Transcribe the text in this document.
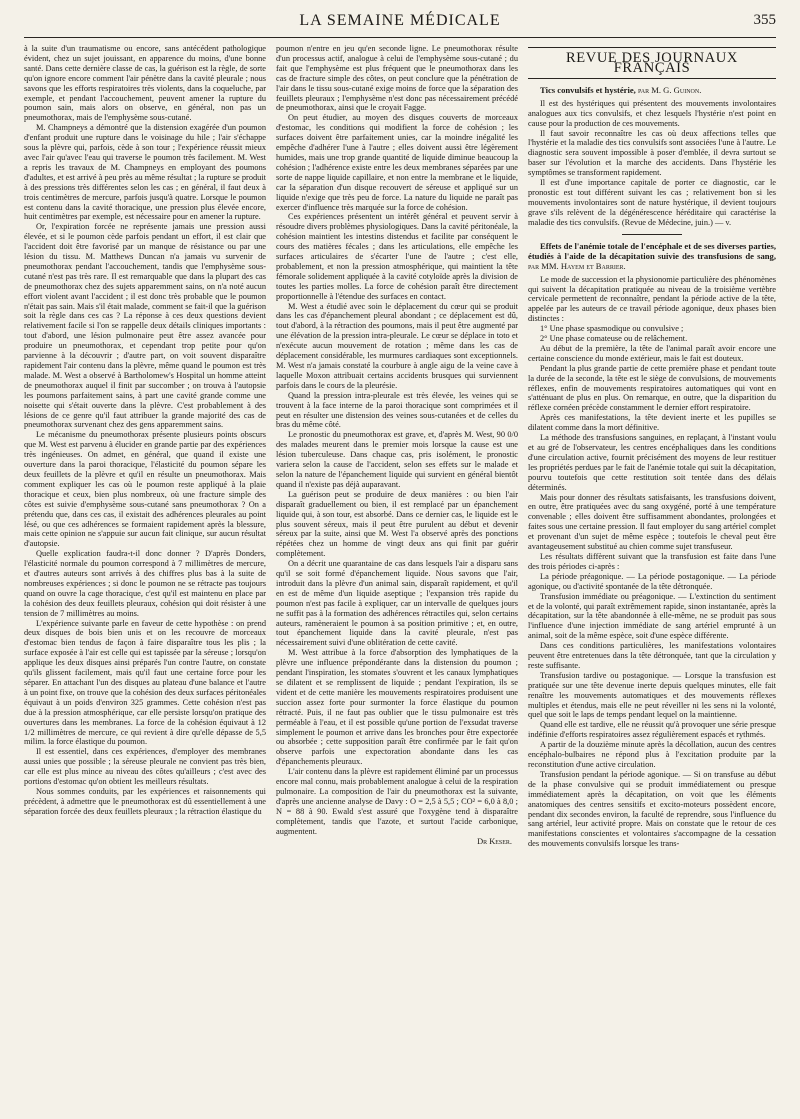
LA SEMAINE MÉDICALE	355

à la suite d'un traumatisme ou encore, sans antécédent pathologique évident, chez un sujet jouissant, en apparence du moins, d'une bonne santé. Dans cette dernière classe de cas, la guérison est la règle, de sorte qu'on ignore encore comment l'air pénètre dans la cavité pleurale ; nous savons que les efforts respiratoires très violents, dans la coqueluche, par exemple, et pendant l'accouchement, peuvent amener la rupture du poumon sain, mais alors on observe, en général, non pas un pneumothorax, mais de l'emphysème sous-cutané.

M. Champneys a démontré que la distension exagérée d'un poumon d'enfant produit une rupture dans le voisinage du hile ; l'air s'échappe sous la plèvre qui, parfois, cède à son tour ; l'expérience réussit mieux avec l'air qu'avec l'eau qui traverse le poumon très facilement. M. West a repris les travaux de M. Champneys en employant des poumons d'adultes, et est arrivé à peu près au même résultat ; la rupture se produit à des pressions très différentes selon les cas ; en général, il faut deux à trois centimètres de mercure, parfois jusqu'à quatre. Lorsque le poumon est contenu dans la cavité thoracique, une pression plus élevée encore, huit centimètres par exemple, est nécessaire pour en amener la rupture.

Or, l'expiration forcée ne représente jamais une pression aussi élevée, et si le poumon cède parfois pendant un effort, il est clair que l'accident doit être favorisé par un manque de résistance ou par une lésion du tissu. M. Matthews Duncan n'a jamais vu survenir de pneumothorax pendant l'accouchement, tandis que l'emphysème sous-cutané n'est pas très rare. Il est remarquable que dans la plupart des cas de pneumothorax chez des sujets apparemment sains, on n'a noté aucun effort violent avant l'accident ; il est donc très probable que le poumon n'était pas sain. Mais s'il était malade, comment se fait-il que la guérison soit la règle dans ces cas ? La réponse à ces deux questions devient relativement facile si l'on se rappelle deux détails cliniques importants : tout d'abord, une lésion pulmonaire peut être assez avancée pour produire un pneumothorax, et cependant trop petite pour qu'on parvienne à la découvrir ; d'autre part, on voit souvent disparaître rapidement l'air contenu dans la plèvre, même quand le poumon est très malade. M. West a observé à Bartholomew's Hospital un homme atteint de pneumothorax auquel il finit par succomber ; on trouva à l'autopsie les poumons parfaitement sains, à part une cavité grande comme une noisette qui s'était ouverte dans la plèvre. C'est probablement à des lésions de ce genre qu'il faut attribuer la grande majorité des cas de pneumothorax survenant chez des gens apparemment sains.

Le mécanisme du pneumothorax présente plusieurs points obscurs que M. West est parvenu à élucider en grande partie par des expériences très ingénieuses. On admet, en général, que quand il existe une ouverture dans la paroi thoracique, l'élasticité du poumon sépare les deux feuillets de la plèvre et qu'il en résulte un pneumothorax. Mais comment expliquer les cas où le poumon reste appliqué à la plaie thoracique et ceux, bien plus nombreux, où une fracture simple des côtes est suivie d'emphysème sous-cutané sans pneumothorax ? On a prétendu que, dans ces cas, il existait des adhérences pleurales au point lésé, ou que ces adhérences se formaient rapidement après la blessure, mais cette opinion ne s'appuie sur aucun fait clinique, sur aucun résultat d'autopsie.

Quelle explication faudra-t-il donc donner ? D'après Donders, l'élasticité normale du poumon correspond à 7 millimètres de mercure, et d'autres auteurs sont arrivés à des chiffres plus bas à la suite de nombreuses expériences ; si donc le poumon ne se rétracte pas toujours quand on ouvre la cage thoracique, c'est qu'il est maintenu en place par la cohésion des deux feuillets pleuraux, cohésion qui doit résister à une tension de 7 millimètres au moins.

L'expérience suivante parle en faveur de cette hypothèse : on prend deux disques de bois bien unis et on les recouvre de morceaux d'estomac bien tendus de façon à faire disparaître tous les plis ; la surface exposée à l'air est celle qui est tapissée par la séreuse ; lorsqu'on applique les deux disques ainsi préparés l'un contre l'autre, on constate qu'ils glissent facilement, mais qu'il faut une certaine force pour les séparer. En attachant l'un des disques au plateau d'une balance et l'autre à un point fixe, on trouve que la cohésion des deux surfaces péritonéales équivaut à un poids d'environ 325 grammes. Cette cohésion n'est pas due à la pression atmosphérique, car elle persiste lorsqu'on pratique des ouvertures dans les membranes. La force de la cohésion équivaut à 12 1/2 millimètres de mercure, ce qui revient à dire qu'elle dépasse de 5,5 milim. la force élastique du poumon.

Il est essentiel, dans ces expériences, d'employer des membranes aussi unies que possible ; la séreuse pleurale ne convient pas très bien, car elle est plus mince au niveau des côtes qu'ailleurs ; c'est avec des portions d'estomac qu'on obtient les meilleurs résultats.

Nous sommes conduits, par les expériences et raisonnements qui précèdent, à admettre que le pneumothorax est dû essentiellement à une séparation forcée des deux feuillets pleuraux ; la rétraction élastique du

poumon n'entre en jeu qu'en seconde ligne. Le pneumothorax résulte d'un processus actif, analogue à celui de l'emphysème sous-cutané ; du fait que l'emphysème est plus fréquent que le pneumothorax dans les cas de fracture simple des côtes, on peut conclure que la pénétration de l'air dans le tissu sous-cutané exige moins de force que la séparation des feuillets pleuraux ; l'emphysème n'est donc pas nécessairement précédé de pneumothorax, ainsi que le croyait Fagge.

On peut étudier, au moyen des disques couverts de morceaux d'estomac, les conditions qui modifient la force de cohésion ; les surfaces doivent être parfaitement unies, car la moindre inégalité les empêche d'adhérer l'une à l'autre ; elles doivent aussi être légèrement humides, mais une trop grande quantité de liquide diminue beaucoup la cohésion ; l'adhérence existe entre les deux membranes séparées par une sorte de nappe liquide capillaire, et non entre la membrane et le liquide, car la séparation d'un disque recouvert de séreuse et appliqué sur un liquide n'exige que très peu de force. La nature du liquide ne paraît pas exercer d'influence très marquée sur la force de cohésion.

Ces expériences présentent un intérêt général et peuvent servir à résoudre divers problèmes physiologiques. Dans la cavité péritonéale, la cohésion maintient les intestins distendus et facilite par conséquent le cours des matières fécales ; dans les articulations, elle empêche les surfaces articulaires de s'écarter l'une de l'autre ; c'est elle, probablement, et non la pression atmosphérique, qui maintient la tête fémorale solidement appliquée à la cavité cotyloïde après la division de toutes les parties molles. La force de cohésion paraît être directement proportionnelle à l'étendue des surfaces en contact.

M. West a étudié avec soin le déplacement du cœur qui se produit dans les cas d'épanchement pleural abondant ; ce déplacement est dû, tout d'abord, à la rétraction des poumons, mais il peut être augmenté par une élévation de la pression intra-pleurale. Le cœur se déplace in toto et n'exécute aucun mouvement de rotation ; même dans les cas de déplacement considérable, les murmures cardiaques sont exceptionnels. M. West n'a jamais constaté la courbure à angle aigu de la veine cave à laquelle Moxon attribuait certains accidents brusques qui surviennent parfois dans le cours de la pleurésie.

Quand la pression intra-pleurale est très élevée, les veines qui se trouvent à la face interne de la paroi thoracique sont comprimées et il peut en résulter une distension des veines sous-cutanées et de celles du bras du même côté.

Le pronostic du pneumothorax est grave, et, d'après M. West, 90 0/0 des malades meurent dans le premier mois lorsque la cause est une lésion tuberculeuse. Dans chaque cas, pris isolément, le pronostic variera selon la cause de l'accident, selon ses effets sur le malade et selon la nature de l'épanchement liquide qui survient en général bientôt quand il n'existe pas déjà auparavant.

La guérison peut se produire de deux manières : ou bien l'air disparaît graduellement ou bien, il est remplacé par un épanchement liquide qui, à son tour, est absorbé. Dans ce dernier cas, le liquide est le plus souvent séreux, mais il peut être purulent au début et devenir séreux par la suite, ainsi que M. West l'a observé après des ponctions répétées chez un homme de vingt deux ans qui finit par guérir complètement.

On a décrit une quarantaine de cas dans lesquels l'air a disparu sans qu'il se soit formé d'épanchement liquide. Nous savons que l'air, introduit dans la plèvre d'un animal sain, disparaît rapidement, et qu'il en est de même d'un liquide aseptique ; l'expansion très rapide du poumon n'est pas facile à expliquer, car un intervalle de quelques jours ne suffit pas à la formation des adhérences rétractiles qui, selon certains auteurs, ramèneraient le poumon à sa position primitive ; et, en outre, tout épanchement liquide dans la cavité pleurale, n'est pas nécessairement suivi d'une oblitération de cette cavité.

M. West attribue à la force d'absorption des lymphatiques de la plèvre une influence prépondérante dans la distension du poumon ; pendant l'inspiration, les stomates s'ouvrent et les canaux lymphatiques se dilatent et se remplissent de liquide ; pendant l'expiration, ils se vident et de cette manière les mouvements respiratoires produisent une succion assez forte pour surmonter la force élastique du poumon rétracté. Puis, il ne faut pas oublier que le tissu pulmonaire est très perméable à l'eau, et il est possible qu'une portion de l'exsudat traverse simplement le poumon et arrive dans les bronches pour être expectorée ou absorbée ; cette supposition paraît être confirmée par le fait qu'on observe parfois une expectoration abondante dans les cas d'épanchements pleuraux.

L'air contenu dans la plèvre est rapidement éliminé par un processus encore mal connu, mais probablement analogue à celui de la respiration pulmonaire. La composition de l'air du pneumothorax est la suivante, d'après une ancienne analyse de Davy : O = 2,5 à 5,5 ; CO² = 6,0 à 8,0 ; N = 88 à 90. Ewald s'est assuré que l'oxygène tend à disparaître complètement, tandis que l'azote, et surtout l'acide carbonique, augmentent.

Dr Keser.
REVUE DES JOURNAUX FRANÇAIS
Tics convulsifs et hystérie, par M. G. Guinon.

Il est des hystériques qui présentent des mouvements involontaires analogues aux tics convulsifs, et chez lesquels l'hystérie n'est point en cause pour la production de ces mouvements.

Il faut savoir reconnaître les cas où deux affections telles que l'hystérie et la maladie des tics convulsifs sont associées l'une à l'autre. Le diagnostic sera souvent impossible à poser d'emblée, il devra surtout se baser sur l'évolution et la marche des accidents. Dans l'hystérie les symptômes se transforment rapidement.

Il est d'une importance capitale de porter ce diagnostic, car le pronostic est tout différent suivant les cas ; relativement bon si les mouvements involontaires sont de nature hystérique, il devient toujours grave s'ils relèvent de la dégénérescence héréditaire qui caractérise la maladie des tics convulsifs. (Revue de Médecine, juin.) — v.

Effets de l'anémie totale de l'encéphale et de ses diverses parties, étudiés à l'aide de la décapitation suivie des transfusions de sang, par MM. Hayem et Barrier.

Le mode de succession et la physionomie particulière des phénomènes qui suivent la décapitation pratiquée au niveau de la troisième vertèbre cervicale permettent de reconnaître, pendant la période active de la tête, appelée par les auteurs de ce travail période agonique, deux phases bien distinctes :

1° Une phase spasmodique ou convulsive ;

2° Une phase comateuse ou de relâchement.

Au début de la première, la tête de l'animal paraît avoir encore une certaine conscience du monde extérieur, mais le fait est douteux.

Pendant la plus grande partie de cette première phase et pendant toute la durée de la seconde, la tête est le siège de convulsions, de mouvements réflexes, enfin de mouvements respiratoires automatiques qui vont en s'atténuant de plus en plus. On remarque, en outre, que la disparition du réflexe cornéen précède constamment le dernier effort respiratoire.

Après ces manifestations, la tête devient inerte et les pupilles se dilatent comme dans la mort définitive.

La méthode des transfusions sanguines, en replaçant, à l'instant voulu et au gré de l'observateur, les centres encéphaliques dans les conditions d'une circulation active, fournit précisément des moyens de leur restituer les propriétés perdues par le fait de l'anémie totale qui suit la décapitation, pourvu toutefois que cette restitution soit tentée dans des délais déterminés.

Mais pour donner des résultats satisfaisants, les transfusions doivent, en outre, être pratiquées avec du sang oxygéné, porté à une température convenable ; elles doivent être suffisamment abondantes, prolongées et faites sous une certaine pression. Il faut employer du sang artériel complet et provenant d'un sujet de même espèce ; toutefois le cheval peut être avantageusement substitué au chien comme sujet transfuseur.

Les résultats diffèrent suivant que la transfusion est faite dans l'une des trois périodes ci-après :

La période préagonique. — La période postagonique. — La période agonique, ou d'activité spontanée de la tête détronquée.

Transfusion immédiate ou préagonique. — L'extinction du sentiment et de la volonté, qui paraît extrêmement rapide, sinon instantanée, après la décapitation, sur la tête abandonnée à elle-même, ne se produit pas sous l'influence d'une injection immédiate de sang artériel emprunté à un animal, soit de la même espèce, soit d'une espèce différente.

Dans ces conditions particulières, les manifestations volontaires peuvent être entretenues dans la tête détronquée, tant que la circulation y reste suffisante.

Transfusion tardive ou postagonique. — Lorsque la transfusion est pratiquée sur une tête devenue inerte depuis quelques minutes, elle fait renaître les mouvements automatiques et des mouvements réflexes multiples et étendus, mais elle ne peut réveiller ni les sens ni la volonté, quel que soit le laps de temps pendant lequel on la maintienne.

Quand elle est tardive, elle ne réussit qu'à provoquer une série presque indéfinie d'efforts respiratoires assez régulièrement espacés et rythmés.

A partir de la douzième minute après la décollation, aucun des centres encéphalo-bulbaires ne répond plus à l'excitation produite par la reconstitution d'une active circulation.

Transfusion pendant la période agonique. — Si on transfuse au début de la phase convulsive qui se produit immédiatement ou presque immédiatement après la décapitation, on voit que les éléments anatomiques des centres sensitifs et excito-moteurs possèdent encore, pendant dix secondes environ, la faculté de reprendre, sous l'influence du sang artériel, leur activité propre. Mais on constate que le retour de ces manifestations conscientes et volontaires s'accompagne de la cessation des mouvements convulsifs lorsque les trans-
